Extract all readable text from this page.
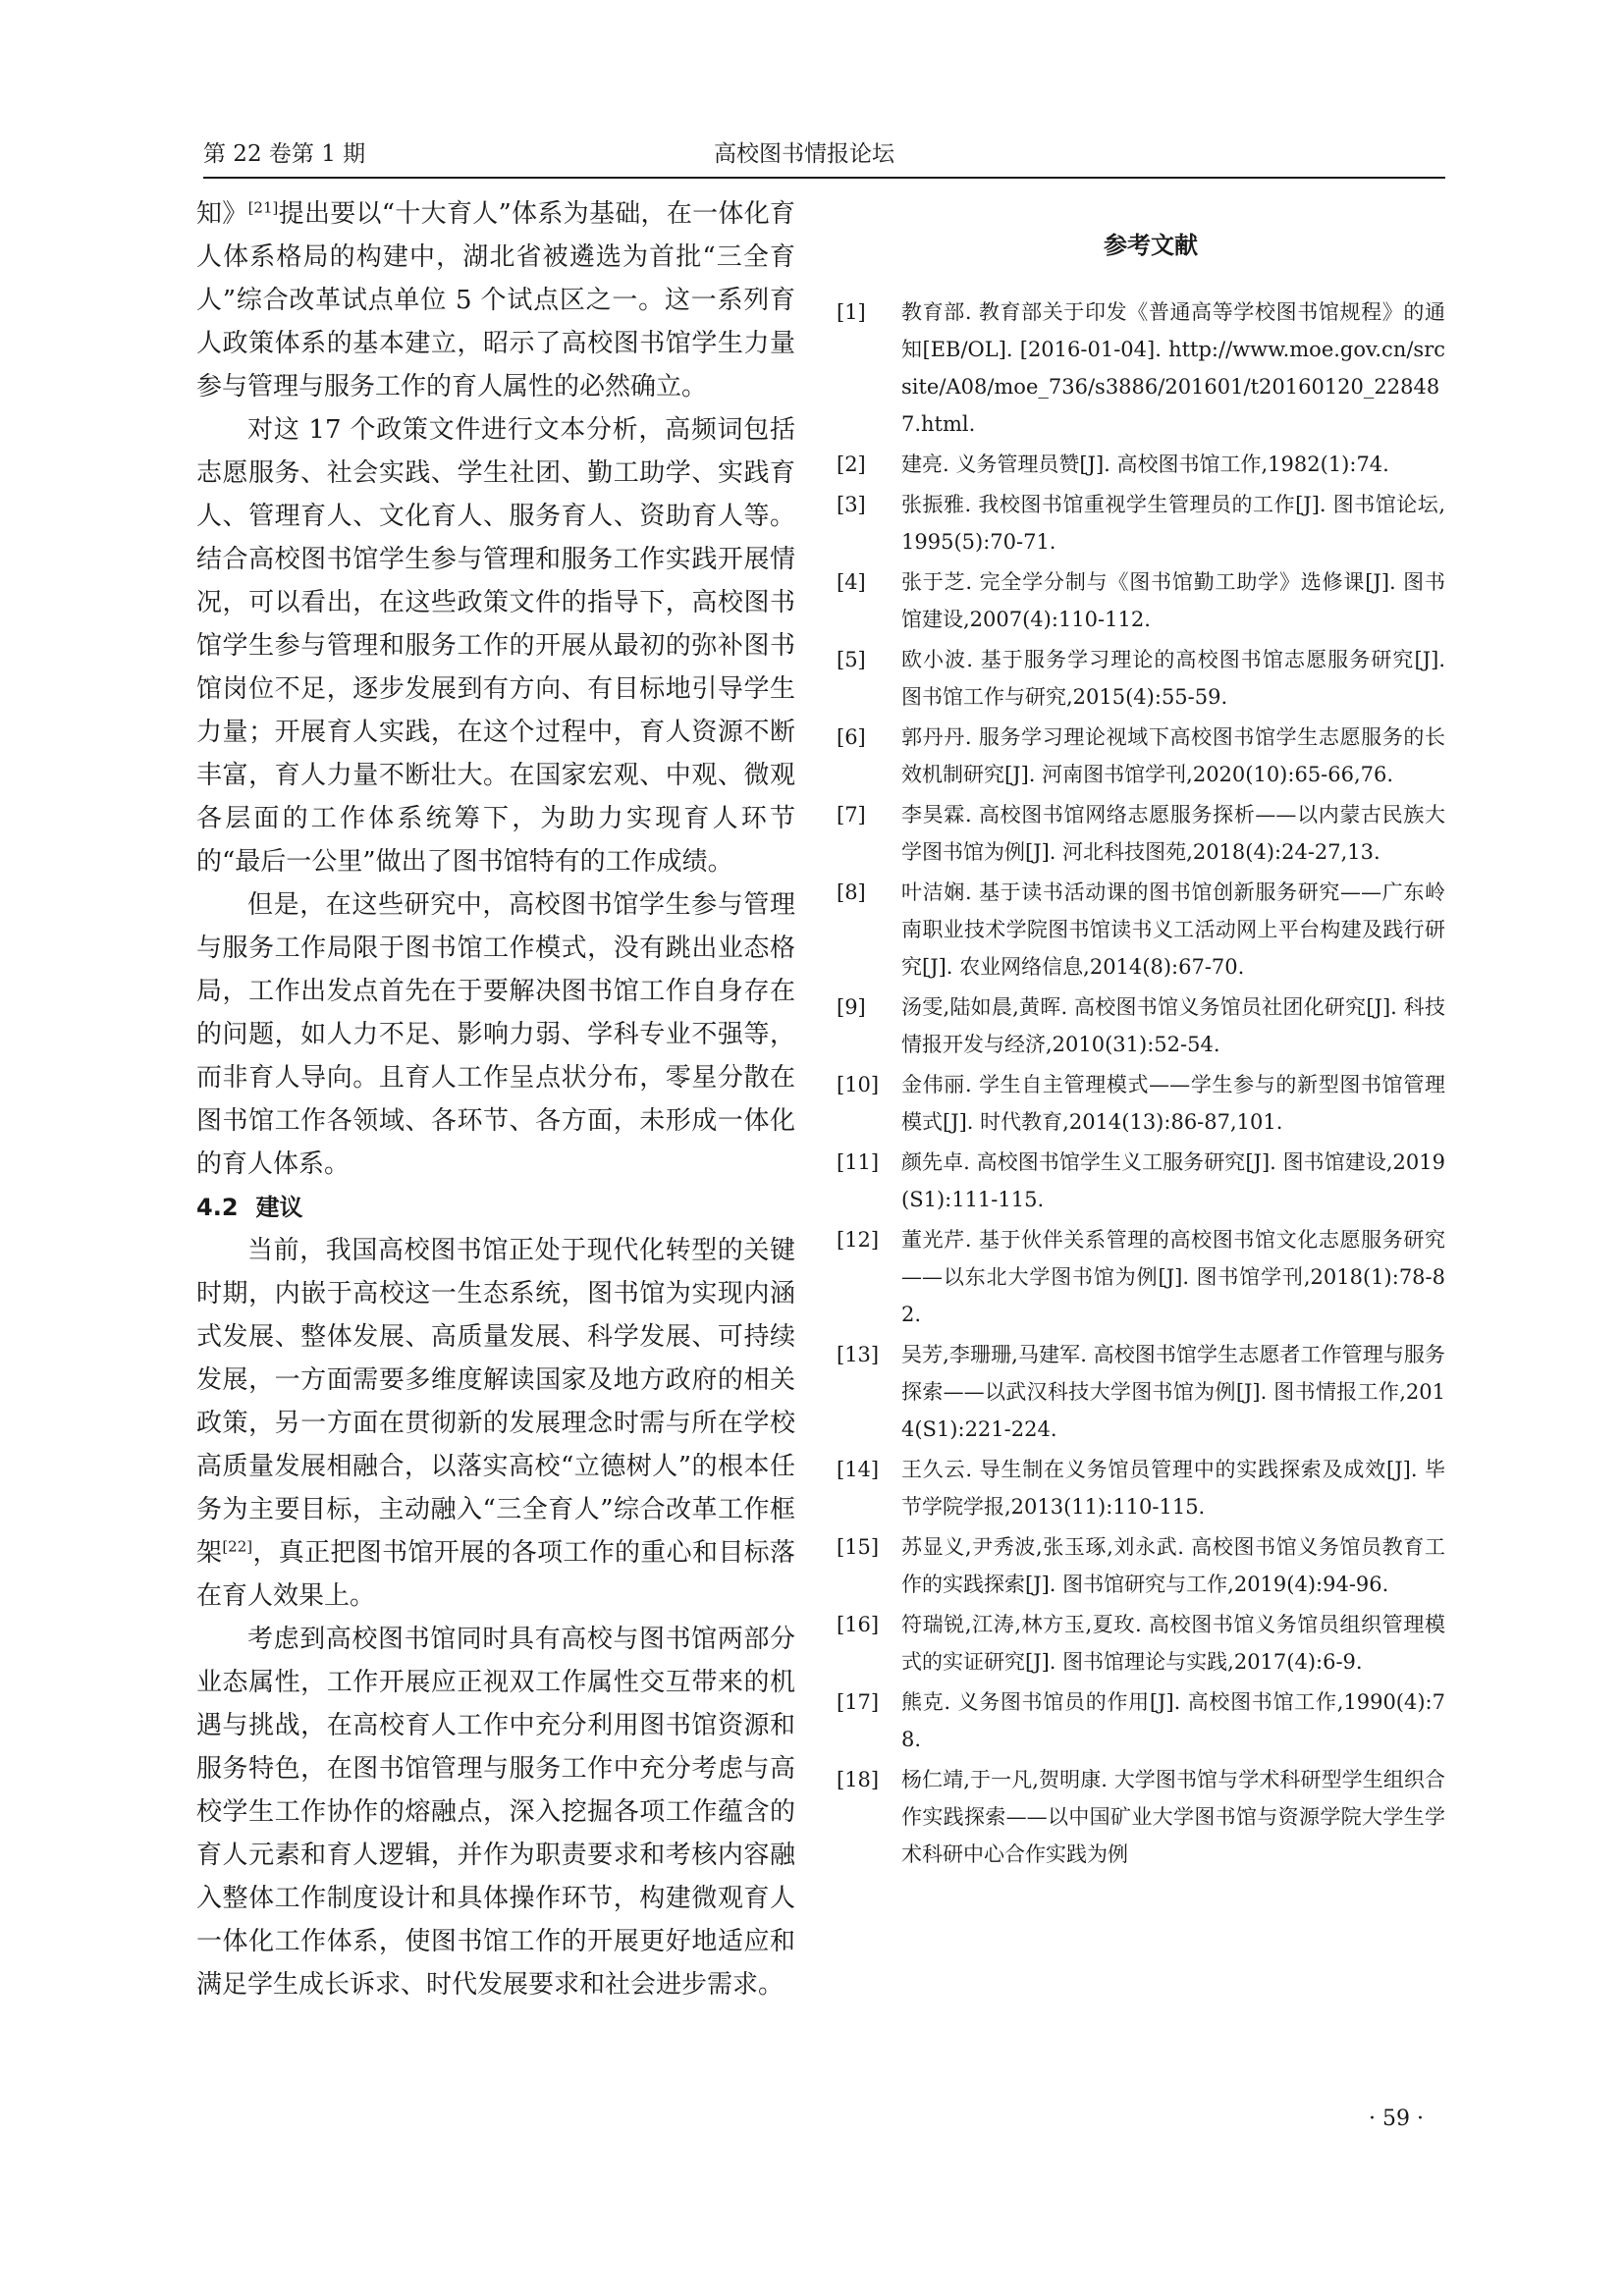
第 22 卷第 1 期	高校图书情报论坛

知》[21]提出要以“十大育人”体系为基础，在一体化育人体系格局的构建中，湖北省被遴选为首批“三全育人”综合改革试点单位 5 个试点区之一。这一系列育人政策体系的基本建立，昭示了高校图书馆学生力量参与管理与服务工作的育人属性的必然确立。

对这 17 个政策文件进行文本分析，高频词包括志愿服务、社会实践、学生社团、勤工助学、实践育人、管理育人、文化育人、服务育人、资助育人等。结合高校图书馆学生参与管理和服务工作实践开展情况，可以看出，在这些政策文件的指导下，高校图书馆学生参与管理和服务工作的开展从最初的弥补图书馆岗位不足，逐步发展到有方向、有目标地引导学生力量；开展育人实践，在这个过程中，育人资源不断丰富，育人力量不断壮大。在国家宏观、中观、微观各层面的工作体系统筹下，为助力实现育人环节的“最后一公里”做出了图书馆特有的工作成绩。

但是，在这些研究中，高校图书馆学生参与管理与服务工作局限于图书馆工作模式，没有跳出业态格局，工作出发点首先在于要解决图书馆工作自身存在的问题，如人力不足、影响力弱、学科专业不强等，而非育人导向。且育人工作呈点状分布，零星分散在图书馆工作各领域、各环节、各方面，未形成一体化的育人体系。

4.2 建议

当前，我国高校图书馆正处于现代化转型的关键时期，内嵌于高校这一生态系统，图书馆为实现内涵式发展、整体发展、高质量发展、科学发展、可持续发展，一方面需要多维度解读国家及地方政府的相关政策，另一方面在贯彻新的发展理念时需与所在学校高质量发展相融合，以落实高校“立德树人”的根本任务为主要目标，主动融入“三全育人”综合改革工作框架[22]，真正把图书馆开展的各项工作的重心和目标落在育人效果上。

考虑到高校图书馆同时具有高校与图书馆两部分业态属性，工作开展应正视双工作属性交互带来的机遇与挑战，在高校育人工作中充分利用图书馆资源和服务特色，在图书馆管理与服务工作中充分考虑与高校学生工作协作的熔融点，深入挖掘各项工作蕴含的育人元素和育人逻辑，并作为职责要求和考核内容融入整体工作制度设计和具体操作环节，构建微观育人一体化工作体系，使图书馆工作的开展更好地适应和满足学生成长诉求、时代发展要求和社会进步需求。

参考文献
[1]	教育部. 教育部关于印发《普通高等学校图书馆规程》的通知[EB/OL]. [2016-01-04]. http://www.moe.gov.cn/srcsite/A08/moe_736/s3886/201601/t20160120_228487.html.
[2]	建亮. 义务管理员赞[J]. 高校图书馆工作,1982(1):74.
[3]	张振雅. 我校图书馆重视学生管理员的工作[J]. 图书馆论坛,1995(5):70-71.
[4]	张于芝. 完全学分制与《图书馆勤工助学》选修课[J]. 图书馆建设,2007(4):110-112.
[5]	欧小波. 基于服务学习理论的高校图书馆志愿服务研究[J]. 图书馆工作与研究,2015(4):55-59.
[6]	郭丹丹. 服务学习理论视域下高校图书馆学生志愿服务的长效机制研究[J]. 河南图书馆学刊,2020(10):65-66,76.
[7]	李昊霖. 高校图书馆网络志愿服务探析——以内蒙古民族大学图书馆为例[J]. 河北科技图苑,2018(4):24-27,13.
[8]	叶洁娴. 基于读书活动课的图书馆创新服务研究——广东岭南职业技术学院图书馆读书义工活动网上平台构建及践行研究[J]. 农业网络信息,2014(8):67-70.
[9]	汤雯,陆如晨,黄晖. 高校图书馆义务馆员社团化研究[J]. 科技情报开发与经济,2010(31):52-54.
[10]	金伟丽. 学生自主管理模式——学生参与的新型图书馆管理模式[J]. 时代教育,2014(13):86-87,101.
[11]	颜先卓. 高校图书馆学生义工服务研究[J]. 图书馆建设,2019(S1):111-115.
[12]	董光芹. 基于伙伴关系管理的高校图书馆文化志愿服务研究——以东北大学图书馆为例[J]. 图书馆学刊,2018(1):78-82.
[13]	吴芳,李珊珊,马建军. 高校图书馆学生志愿者工作管理与服务探索——以武汉科技大学图书馆为例[J]. 图书情报工作,2014(S1):221-224.
[14]	王久云. 导生制在义务馆员管理中的实践探索及成效[J]. 毕节学院学报,2013(11):110-115.
[15]	苏显义,尹秀波,张玉琢,刘永武. 高校图书馆义务馆员教育工作的实践探索[J]. 图书馆研究与工作,2019(4):94-96.
[16]	符瑞锐,江涛,林方玉,夏玫. 高校图书馆义务馆员组织管理模式的实证研究[J]. 图书馆理论与实践,2017(4):6-9.
[17]	熊克. 义务图书馆员的作用[J]. 高校图书馆工作,1990(4):78.
[18]	杨仁靖,于一凡,贺明康. 大学图书馆与学术科研型学生组织合作实践探索——以中国矿业大学图书馆与资源学院大学生学术科研中心合作实践为例
· 59 ·
